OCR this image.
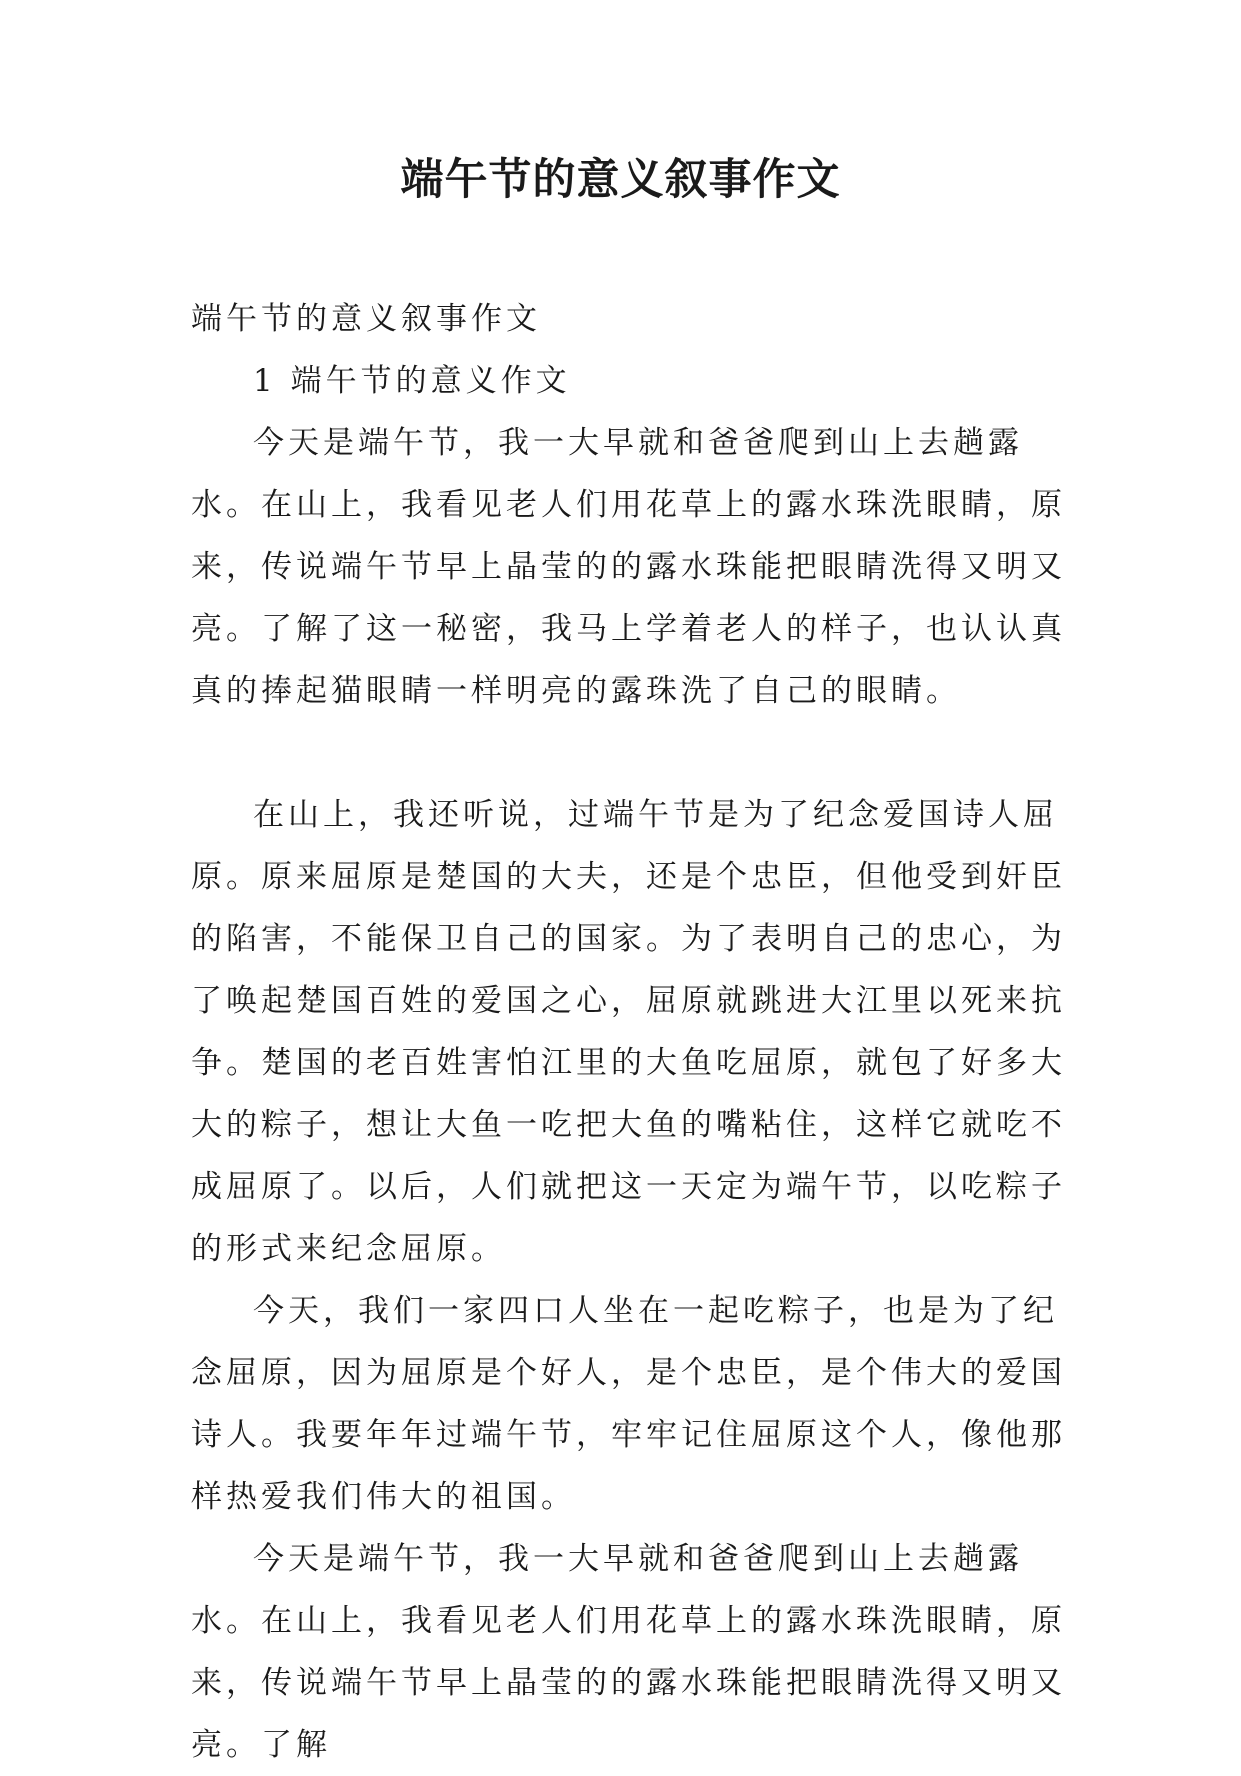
端午节的意义叙事作文

端午节的意义叙事作文

1 端午节的意义作文

今天是端午节，我一大早就和爸爸爬到山上去趟露水。在山上，我看见老人们用花草上的露水珠洗眼睛，原来，传说端午节早上晶莹的的露水珠能把眼睛洗得又明又亮。了解了这一秘密，我马上学着老人的样子，也认认真真的捧起猫眼睛一样明亮的露珠洗了自己的眼睛。

在山上，我还听说，过端午节是为了纪念爱国诗人屈原。原来屈原是楚国的大夫，还是个忠臣，但他受到奸臣的陷害，不能保卫自己的国家。为了表明自己的忠心，为了唤起楚国百姓的爱国之心，屈原就跳进大江里以死来抗争。楚国的老百姓害怕江里的大鱼吃屈原，就包了好多大大的粽子，想让大鱼一吃把大鱼的嘴粘住，这样它就吃不成屈原了。以后，人们就把这一天定为端午节，以吃粽子的形式来纪念屈原。

今天，我们一家四口人坐在一起吃粽子，也是为了纪念屈原，因为屈原是个好人，是个忠臣，是个伟大的爱国诗人。我要年年过端午节，牢牢记住屈原这个人，像他那样热爱我们伟大的祖国。

今天是端午节，我一大早就和爸爸爬到山上去趟露水。在山上，我看见老人们用花草上的露水珠洗眼睛，原来，传说端午节早上晶莹的的露水珠能把眼睛洗得又明又亮。了解
